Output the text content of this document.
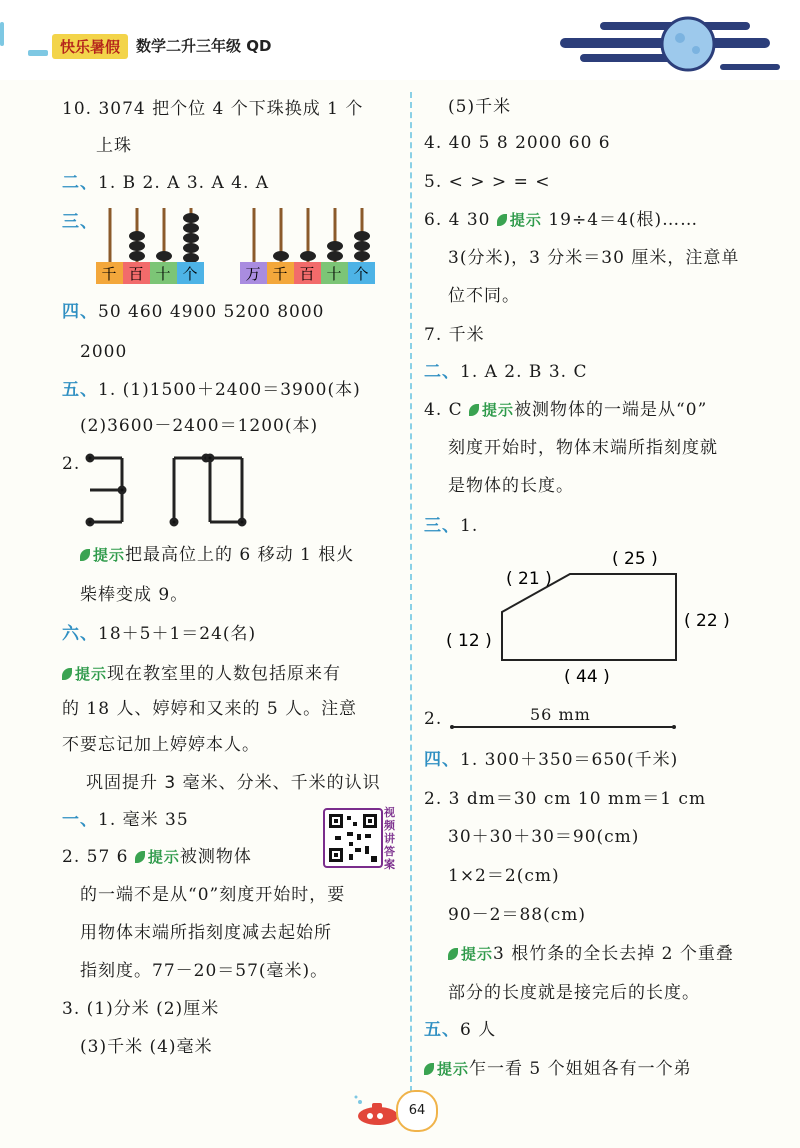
快乐暑假	数学二升三年级 QD
10. 3074 把个位 4 个下珠换成 1 个
上珠
二、1. B 2. A 3. A 4. A
三、
千 百 十 个	万 千 百 十 个
四、50 460 4900 5200 8000
2000
五、1. (1)1500＋2400＝3900(本)
(2)3600－2400＝1200(本)
2.
提示把最高位上的 6 移动 1 根火
柴棒变成 9。
六、18＋5＋1＝24(名)
提示现在教室里的人数包括原来有
的 18 人、婷婷和又来的 5 人。注意
不要忘记加上婷婷本人。
巩固提升 3 毫米、分米、千米的认识
一、1. 毫米 35	视频讲答案
2. 57 6 提示被测物体
的一端不是从“0”刻度开始时，要
用物体末端所指刻度减去起始所
指刻度。77－20＝57(毫米)。
3. (1)分米 (2)厘米
(3)千米 (4)毫米
(5)千米
4. 40 5 8 2000 60 6
5. < > > = <
6. 4 30 提示 19÷4＝4(根)……
3(分米)，3 分米＝30 厘米，注意单
位不同。
7. 千米
二、1. A 2. B 3. C
4. C 提示被测物体的一端是从“0”
刻度开始时，物体末端所指刻度就
是物体的长度。
三、1.
( 25 )
( 21 )
( 12 )
( 22 )
( 44 )
2.	56 mm
四、1. 300＋350＝650(千米)
2. 3 dm＝30 cm 10 mm＝1 cm
30＋30＋30＝90(cm)
1×2＝2(cm)
90－2＝88(cm)
提示3 根竹条的全长去掉 2 个重叠
部分的长度就是接完后的长度。
五、6 人
提示乍一看 5 个姐姐各有一个弟
64
